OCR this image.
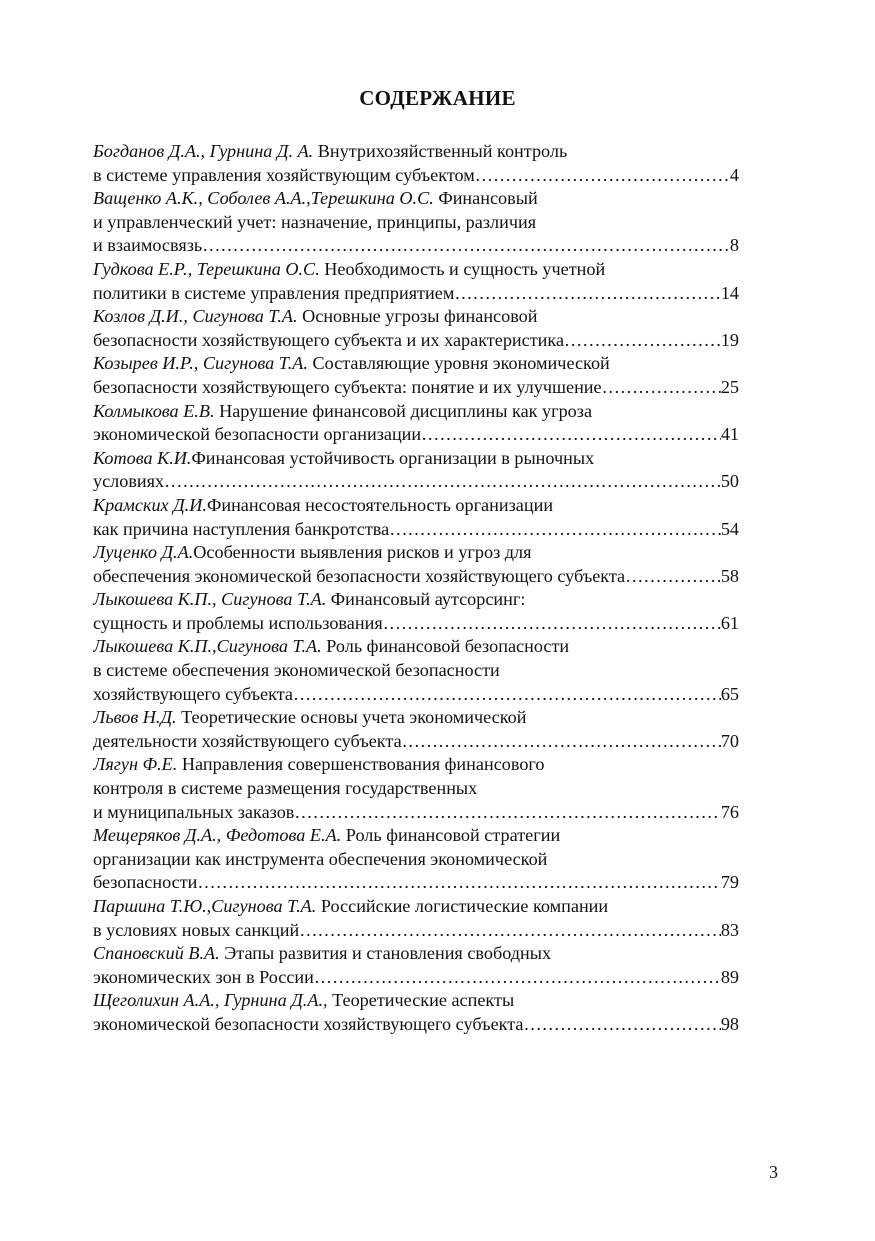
СОДЕРЖАНИЕ
Богданов Д.А., Гурнина Д. А. Внутрихозяйственный контроль
в системе управления хозяйствующим субъектом ………………………………………………………………………………………………………………………………………	4
Ващенко А.К., Соболев А.А.,Терешкина О.С. Финансовый
и управленческий учет: назначение, принципы, различия
и взаимосвязь ………………………………………………………………………………………………………………………………………	8
Гудкова Е.Р., Терешкина О.С. Необходимость и сущность учетной
политики в системе управления предприятием ………………………………………………………………………………………………………………………………………	14
Козлов Д.И., Сигунова Т.А. Основные угрозы финансовой
безопасности хозяйствующего субъекта и их характеристика ………………………………………………………………………………………………………………………………………	19
Козырев И.Р., Сигунова Т.А. Составляющие уровня экономической
безопасности хозяйствующего субъекта: понятие и их улучшение ………………………………………………………………………………………………………………………………………	25
Колмыкова Е.В. Нарушение финансовой дисциплины как угроза
экономической безопасности организации ………………………………………………………………………………………………………………………………………	41
Котова К.И.Финансовая устойчивость организации в рыночных
условиях ………………………………………………………………………………………………………………………………………	50
Крамских Д.И.Финансовая несостоятельность организации
как причина наступления банкротства ………………………………………………………………………………………………………………………………………	54
Луценко Д.А.Особенности выявления рисков и угроз для
обеспечения экономической безопасности хозяйствующего субъекта ………………………………………………………………………………………………………………………………………	58
Лыкошева К.П., Сигунова Т.А. Финансовый аутсорсинг:
сущность и проблемы использования ………………………………………………………………………………………………………………………………………	61
Лыкошева К.П.,Сигунова Т.А. Роль финансовой безопасности
в системе обеспечения экономической безопасности
хозяйствующего субъекта ………………………………………………………………………………………………………………………………………	65
Львов Н.Д. Теоретические основы учета экономической
деятельности хозяйствующего субъекта ………………………………………………………………………………………………………………………………………	70
Лягун Ф.Е. Направления совершенствования финансового
контроля в системе размещения государственных
и муниципальных заказов ………………………………………………………………………………………………………………………………………	76
Мещеряков Д.А., Федотова Е.А. Роль финансовой стратегии
организации как инструмента обеспечения экономической
безопасности ………………………………………………………………………………………………………………………………………	79
Паршина Т.Ю.,Сигунова Т.А. Российские логистические компании
в условиях новых санкций ………………………………………………………………………………………………………………………………………	83
Спановский В.А. Этапы развития и становления свободных
экономических зон в России ………………………………………………………………………………………………………………………………………	89
Щеголихин А.А., Гурнина Д.А., Теоретические аспекты
экономической безопасности хозяйствующего субъекта ………………………………………………………………………………………………………………………………………	98
3
